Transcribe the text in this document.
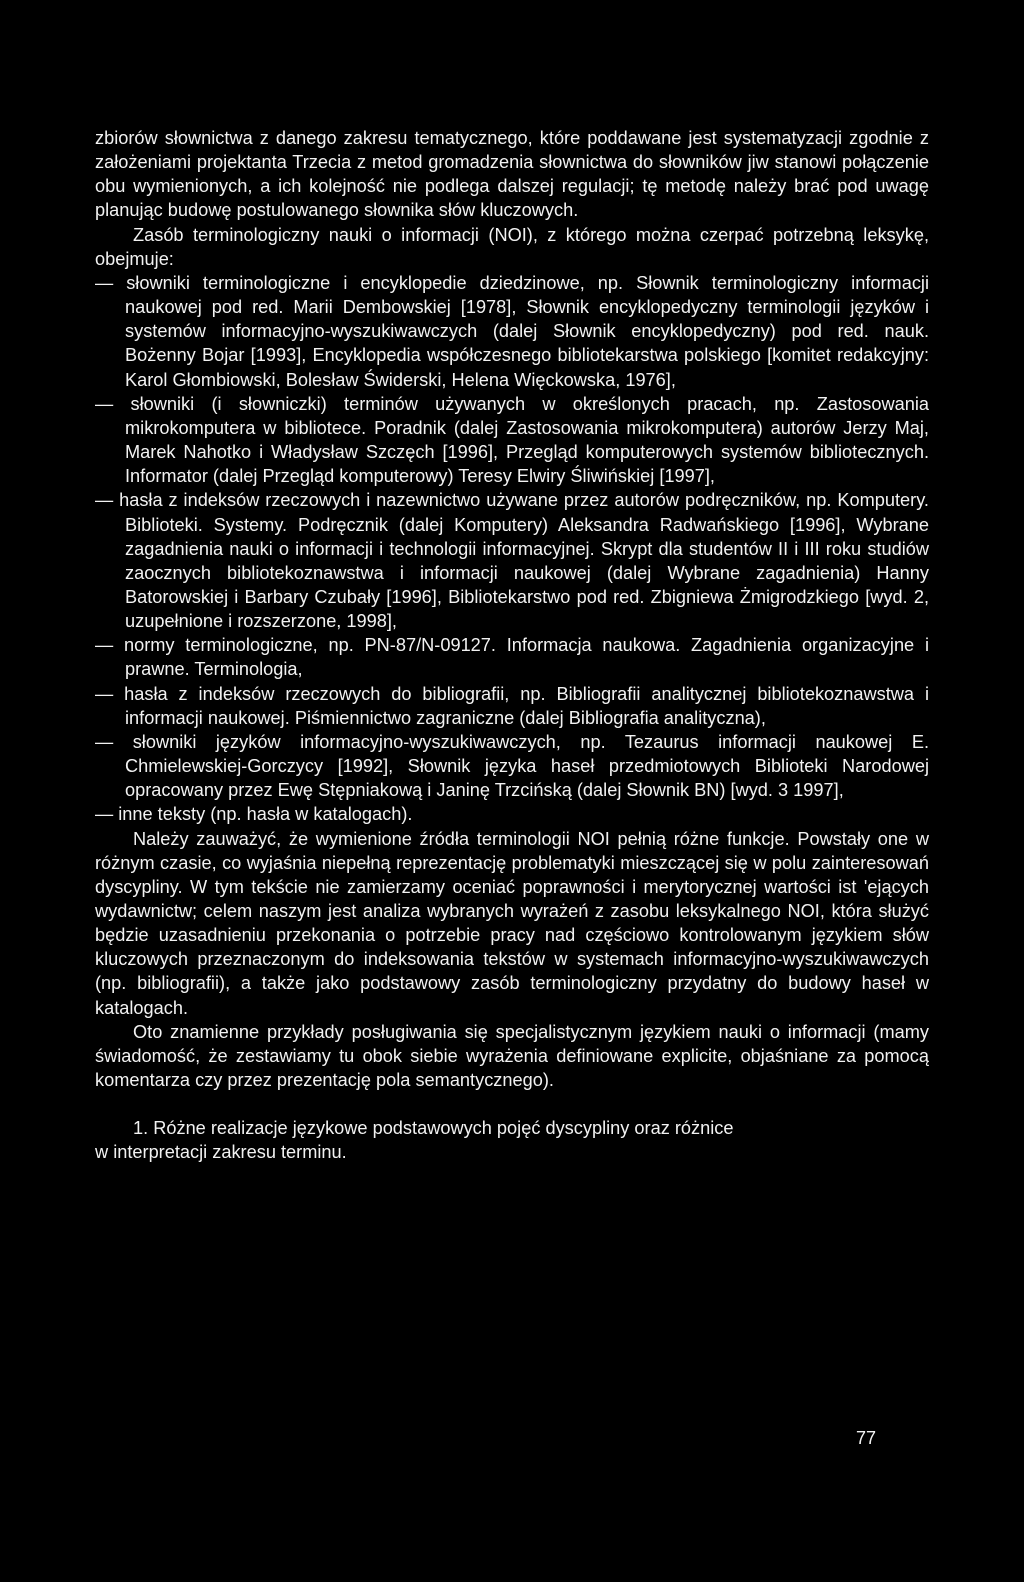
zbiorów słownictwa z danego zakresu tematycznego, które poddawane jest systematyzacji zgodnie z założeniami projektanta Trzecia z metod gromadzenia słownictwa do słowników jiw stanowi połączenie obu wymienionych, a ich kolejność nie podlega dalszej regulacji; tę metodę należy brać pod uwagę planując budowę postulowanego słownika słów kluczowych.

Zasób terminologiczny nauki o informacji (NOI), z którego można czerpać potrzebną leksykę, obejmuje:

— słowniki terminologiczne i encyklopedie dziedzinowe, np. Słownik terminologiczny informacji naukowej pod red. Marii Dembowskiej [1978], Słownik encyklopedyczny terminologii języków i systemów informacyjno-wyszukiwawczych (dalej Słownik encyklopedyczny) pod red. nauk. Bożenny Bojar [1993], Encyklopedia współczesnego bibliotekarstwa polskiego [komitet redakcyjny: Karol Głombiowski, Bolesław Świderski, Helena Więckowska, 1976],

— słowniki (i słowniczki) terminów używanych w określonych pracach, np. Zastosowania mikrokomputera w bibliotece. Poradnik (dalej Zastosowania mikrokomputera) autorów Jerzy Maj, Marek Nahotko i Władysław Szczęch [1996], Przegląd komputerowych systemów bibliotecznych. Informator (dalej Przegląd komputerowy) Teresy Elwiry Śliwińskiej [1997],

— hasła z indeksów rzeczowych i nazewnictwo używane przez autorów podręczników, np. Komputery. Biblioteki. Systemy. Podręcznik (dalej Komputery) Aleksandra Radwańskiego [1996], Wybrane zagadnienia nauki o informacji i technologii informacyjnej. Skrypt dla studentów II i III roku studiów zaocznych bibliotekoznawstwa i informacji naukowej (dalej Wybrane zagadnienia) Hanny Batorowskiej i Barbary Czubały [1996], Bibliotekarstwo pod red. Zbigniewa Żmigrodzkiego [wyd. 2, uzupełnione i rozszerzone, 1998],

— normy terminologiczne, np. PN-87/N-09127. Informacja naukowa. Zagadnienia organizacyjne i prawne. Terminologia,

— hasła z indeksów rzeczowych do bibliografii, np. Bibliografii analitycznej bibliotekoznawstwa i informacji naukowej. Piśmiennictwo zagraniczne (dalej Bibliografia analityczna),

— słowniki języków informacyjno-wyszukiwawczych, np. Tezaurus informacji naukowej E. Chmielewskiej-Gorczycy [1992], Słownik języka haseł przedmiotowych Biblioteki Narodowej opracowany przez Ewę Stępniakową i Janinę Trzcińską (dalej Słownik BN) [wyd. 3 1997],

— inne teksty (np. hasła w katalogach).

Należy zauważyć, że wymienione źródła terminologii NOI pełnią różne funkcje. Powstały one w różnym czasie, co wyjaśnia niepełną reprezentację problematyki mieszczącej się w polu zainteresowań dyscypliny. W tym tekście nie zamierzamy oceniać poprawności i merytorycznej wartości ist 'ejących wydawnictw; celem naszym jest analiza wybranych wyrażeń z zasobu leksykalnego NOI, która służyć będzie uzasadnieniu przekonania o potrzebie pracy nad częściowo kontrolowanym językiem słów kluczowych przeznaczonym do indeksowania tekstów w systemach informacyjno-wyszukiwawczych (np. bibliografii), a także jako podstawowy zasób terminologiczny przydatny do budowy haseł w katalogach.

Oto znamienne przykłady posługiwania się specjalistycznym językiem nauki o informacji (mamy świadomość, że zestawiamy tu obok siebie wyrażenia definiowane explicite, objaśniane za pomocą komentarza czy przez prezentację pola semantycznego).

1. Różne realizacje językowe podstawowych pojęć dyscypliny oraz różnice

w interpretacji zakresu terminu.

77
